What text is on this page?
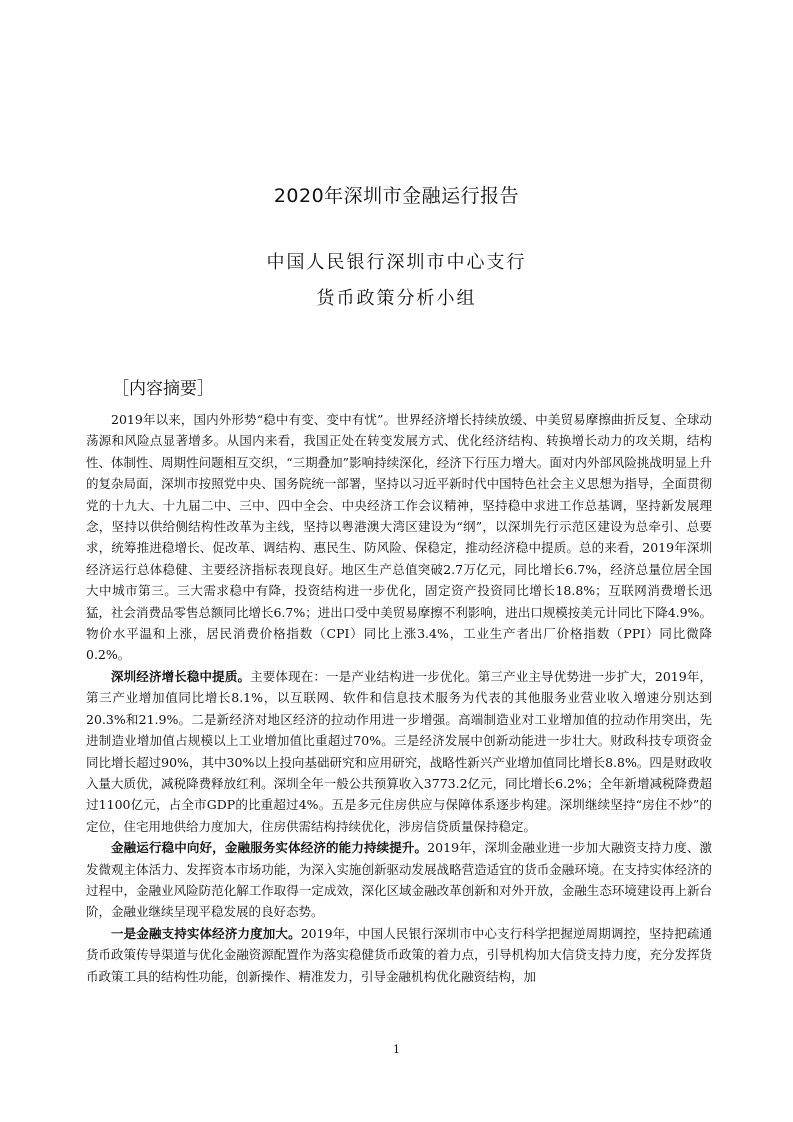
2020年深圳市金融运行报告

中国人民银行深圳市中心支行

货币政策分析小组

［内容摘要］

2019年以来，国内外形势“稳中有变、变中有忧”。世界经济增长持续放缓、中美贸易摩擦曲折反复、全球动荡源和风险点显著增多。从国内来看，我国正处在转变发展方式、优化经济结构、转换增长动力的攻关期，结构性、体制性、周期性问题相互交织，“三期叠加”影响持续深化，经济下行压力增大。面对内外部风险挑战明显上升的复杂局面，深圳市按照党中央、国务院统一部署，坚持以习近平新时代中国特色社会主义思想为指导，全面贯彻党的十九大、十九届二中、三中、四中全会、中央经济工作会议精神，坚持稳中求进工作总基调，坚持新发展理念，坚持以供给侧结构性改革为主线，坚持以粤港澳大湾区建设为“纲”，以深圳先行示范区建设为总牵引、总要求，统筹推进稳增长、促改革、调结构、惠民生、防风险、保稳定，推动经济稳中提质。总的来看，2019年深圳经济运行总体稳健、主要经济指标表现良好。地区生产总值突破2.7万亿元，同比增长6.7%，经济总量位居全国大中城市第三。三大需求稳中有降，投资结构进一步优化，固定资产投资同比增长18.8%；互联网消费增长迅猛，社会消费品零售总额同比增长6.7%；进出口受中美贸易摩擦不利影响，进出口规模按美元计同比下降4.9%。物价水平温和上涨，居民消费价格指数（CPI）同比上涨3.4%，工业生产者出厂价格指数（PPI）同比微降0.2%。

深圳经济增长稳中提质。主要体现在：一是产业结构进一步优化。第三产业主导优势进一步扩大，2019年，第三产业增加值同比增长8.1%，以互联网、软件和信息技术服务为代表的其他服务业营业收入增速分别达到20.3%和21.9%。二是新经济对地区经济的拉动作用进一步增强。高端制造业对工业增加值的拉动作用突出，先进制造业增加值占规模以上工业增加值比重超过70%。三是经济发展中创新动能进一步壮大。财政科技专项资金同比增长超过90%，其中30%以上投向基础研究和应用研究，战略性新兴产业增加值同比增长8.8%。四是财政收入量大质优，减税降费释放红利。深圳全年一般公共预算收入3773.2亿元，同比增长6.2%；全年新增减税降费超过1100亿元，占全市GDP的比重超过4%。五是多元住房供应与保障体系逐步构建。深圳继续坚持“房住不炒”的定位，住宅用地供给力度加大，住房供需结构持续优化，涉房信贷质量保持稳定。

金融运行稳中向好，金融服务实体经济的能力持续提升。2019年，深圳金融业进一步加大融资支持力度、激发微观主体活力、发挥资本市场功能，为深入实施创新驱动发展战略营造适宜的货币金融环境。在支持实体经济的过程中，金融业风险防范化解工作取得一定成效，深化区域金融改革创新和对外开放，金融生态环境建设再上新台阶，金融业继续呈现平稳发展的良好态势。

一是金融支持实体经济力度加大。2019年，中国人民银行深圳市中心支行科学把握逆周期调控，坚持把疏通货币政策传导渠道与优化金融资源配置作为落实稳健货币政策的着力点，引导机构加大信贷支持力度，充分发挥货币政策工具的结构性功能，创新操作、精准发力，引导金融机构优化融资结构，加

1
